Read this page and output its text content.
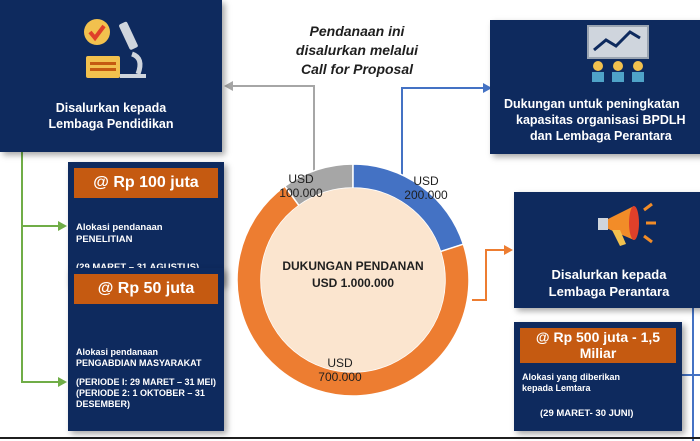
Disalurkan kepada
Lembaga Pendidikan
Pendanaan ini
disalurkan melalui
Call for Proposal
Dukungan untuk peningkatan
kapasitas organisasi BPDLH
dan Lembaga Perantara
Disalurkan kepada
Lembaga Perantara
@ Rp 100 juta
Alokasi pendanaan
PENELITIAN
@ Rp 50 juta
Alokasi pendanaan
PENGABDIAN MASYARAKAT
(PERIODE I: 29 MARET – 31 MEI)
(PERIODE 2: 1 OKTOBER – 31 DESEMBER)
@ Rp 500 juta - 1,5 Miliar
Alokasi yang diberikan
kepada Lemtara
(29 MARET- 30 JUNI)
DUKUNGAN PENDANAN
USD 1.000.000
USD
100.000
USD
200.000
USD
700.000
